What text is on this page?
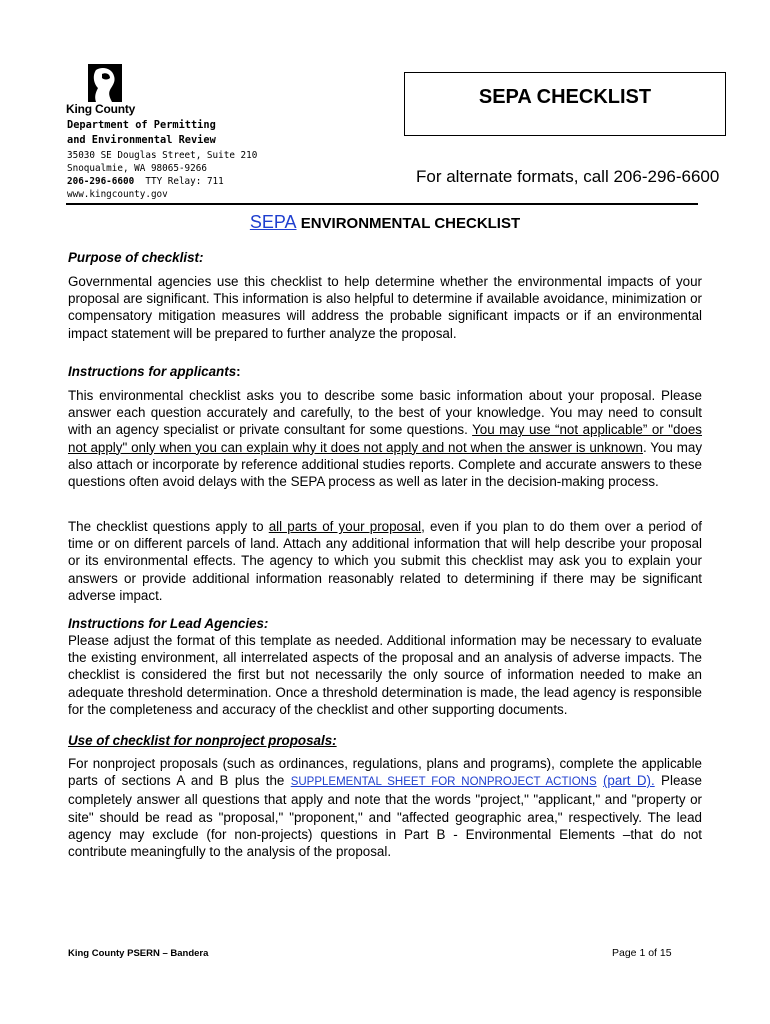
King County
Department of Permitting
and Environmental Review
35030 SE Douglas Street, Suite 210
Snoqualmie, WA 98065-9266
206-296-6600 TTY Relay: 711
www.kingcounty.gov
SEPA CHECKLIST
For alternate formats, call 206-296-6600
SEPA ENVIRONMENTAL CHECKLIST
Purpose of checklist:
Governmental agencies use this checklist to help determine whether the environmental impacts of your proposal are significant. This information is also helpful to determine if available avoidance, minimization or compensatory mitigation measures will address the probable significant impacts or if an environmental impact statement will be prepared to further analyze the proposal.
Instructions for applicants:
This environmental checklist asks you to describe some basic information about your proposal. Please answer each question accurately and carefully, to the best of your knowledge. You may need to consult with an agency specialist or private consultant for some questions. You may use “not applicable” or "does not apply" only when you can explain why it does not apply and not when the answer is unknown. You may also attach or incorporate by reference additional studies reports. Complete and accurate answers to these questions often avoid delays with the SEPA process as well as later in the decision-making process.
The checklist questions apply to all parts of your proposal, even if you plan to do them over a period of time or on different parcels of land. Attach any additional information that will help describe your proposal or its environmental effects. The agency to which you submit this checklist may ask you to explain your answers or provide additional information reasonably related to determining if there may be significant adverse impact.
Instructions for Lead Agencies:
Please adjust the format of this template as needed. Additional information may be necessary to evaluate the existing environment, all interrelated aspects of the proposal and an analysis of adverse impacts. The checklist is considered the first but not necessarily the only source of information needed to make an adequate threshold determination. Once a threshold determination is made, the lead agency is responsible for the completeness and accuracy of the checklist and other supporting documents.
Use of checklist for nonproject proposals:
For nonproject proposals (such as ordinances, regulations, plans and programs), complete the applicable parts of sections A and B plus the SUPPLEMENTAL SHEET FOR NONPROJECT ACTIONS (part D). Please completely answer all questions that apply and note that the words "project," "applicant," and "property or site" should be read as "proposal," "proponent," and "affected geographic area," respectively. The lead agency may exclude (for non-projects) questions in Part B - Environmental Elements –that do not contribute meaningfully to the analysis of the proposal.
King County PSERN – Bandera	Page 1 of 15
